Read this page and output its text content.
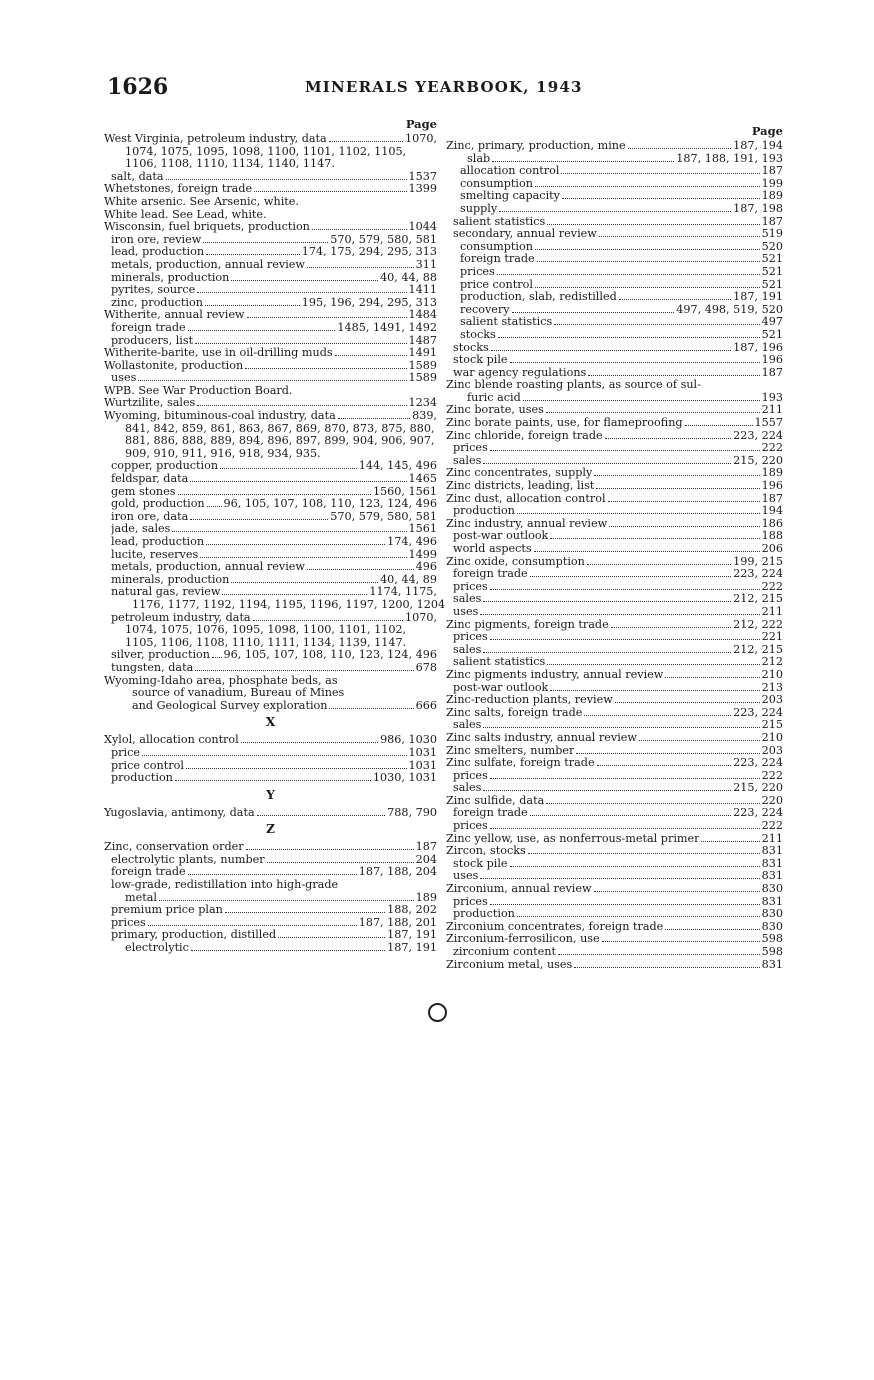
1626	MINERALS YEARBOOK, 1943
Page
West Virginia, petroleum industry, data	1070,
1074, 1075, 1095, 1098, 1100, 1101, 1102, 1105,
1106, 1108, 1110, 1134, 1140, 1147.
salt, data	1537
Whetstones, foreign trade	1399
White arsenic. See Arsenic, white.
White lead. See Lead, white.
Wisconsin, fuel briquets, production	1044
iron ore, review	570, 579, 580, 581
lead, production	174, 175, 294, 295, 313
metals, production, annual review	311
minerals, production	40, 44, 88
pyrites, source	1411
zinc, production	195, 196, 294, 295, 313
Witherite, annual review	1484
foreign trade	1485, 1491, 1492
producers, list	1487
Witherite-barite, use in oil-drilling muds	1491
Wollastonite, production	1589
uses	1589
WPB. See War Production Board.
Wurtzilite, sales	1234
Wyoming, bituminous-coal industry, data	839,
841, 842, 859, 861, 863, 867, 869, 870, 873, 875, 880,
881, 886, 888, 889, 894, 896, 897, 899, 904, 906, 907,
909, 910, 911, 916, 918, 934, 935.
copper, production	144, 145, 496
feldspar, data	1465
gem stones	1560, 1561
gold, production 96, 105, 107, 108, 110, 123, 124, 496
iron ore, data	570, 579, 580, 581
jade, sales	1561
lead, production	174, 496
lucite, reserves	1499
metals, production, annual review	496
minerals, production	40, 44, 89
natural gas, review	1174, 1175,
1176, 1177, 1192, 1194, 1195, 1196, 1197, 1200, 1204
petroleum industry, data	1070,
1074, 1075, 1076, 1095, 1098, 1100, 1101, 1102,
1105, 1106, 1108, 1110, 1111, 1134, 1139, 1147.
silver, production 96, 105, 107, 108, 110, 123, 124, 496
tungsten, data	678
Wyoming-Idaho area, phosphate beds, as
source of vanadium, Bureau of Mines
and Geological Survey exploration	666
X
Xylol, allocation control	986, 1030
price	1031
price control	1031
production	1030, 1031
Y
Yugoslavia, antimony, data	788, 790
Z
Zinc, conservation order	187
electrolytic plants, number	204
foreign trade	187, 188, 204
low-grade, redistillation into high-grade
metal	189
premium price plan	188, 202
prices	187, 188, 201
primary, production, distilled	187, 191
electrolytic	187, 191
Page
Zinc, primary, production, mine	187, 194
slab	187, 188, 191, 193
allocation control	187
consumption	199
smelting capacity	189
supply	187, 198
salient statistics	187
secondary, annual review	519
consumption	520
foreign trade	521
prices	521
price control	521
production, slab, redistilled	187, 191
recovery	497, 498, 519, 520
salient statistics	497
stocks	521
stocks	187, 196
stock pile	196
war agency regulations	187
Zinc blende roasting plants, as source of sul-
furic acid	193
Zinc borate, uses	211
Zinc borate paints, use, for flameproofing	1557
Zinc chloride, foreign trade	223, 224
prices	222
sales	215, 220
Zinc concentrates, supply	189
Zinc districts, leading, list	196
Zinc dust, allocation control	187
production	194
Zinc industry, annual review	186
post-war outlook	188
world aspects	206
Zinc oxide, consumption	199, 215
foreign trade	223, 224
prices	222
sales	212, 215
uses	211
Zinc pigments, foreign trade	212, 222
prices	221
sales	212, 215
salient statistics	212
Zinc pigments industry, annual review	210
post-war outlook	213
Zinc-reduction plants, review	203
Zinc salts, foreign trade	223, 224
sales	215
Zinc salts industry, annual review	210
Zinc smelters, number	203
Zinc sulfate, foreign trade	223, 224
prices	222
sales	215, 220
Zinc sulfide, data	220
foreign trade	223, 224
prices	222
Zinc yellow, use, as nonferrous-metal primer	211
Zircon, stocks	831
stock pile	831
uses	831
Zirconium, annual review	830
prices	831
production	830
Zirconium concentrates, foreign trade	830
Zirconium-ferrosilicon, use	598
zirconium content	598
Zirconium metal, uses	831
